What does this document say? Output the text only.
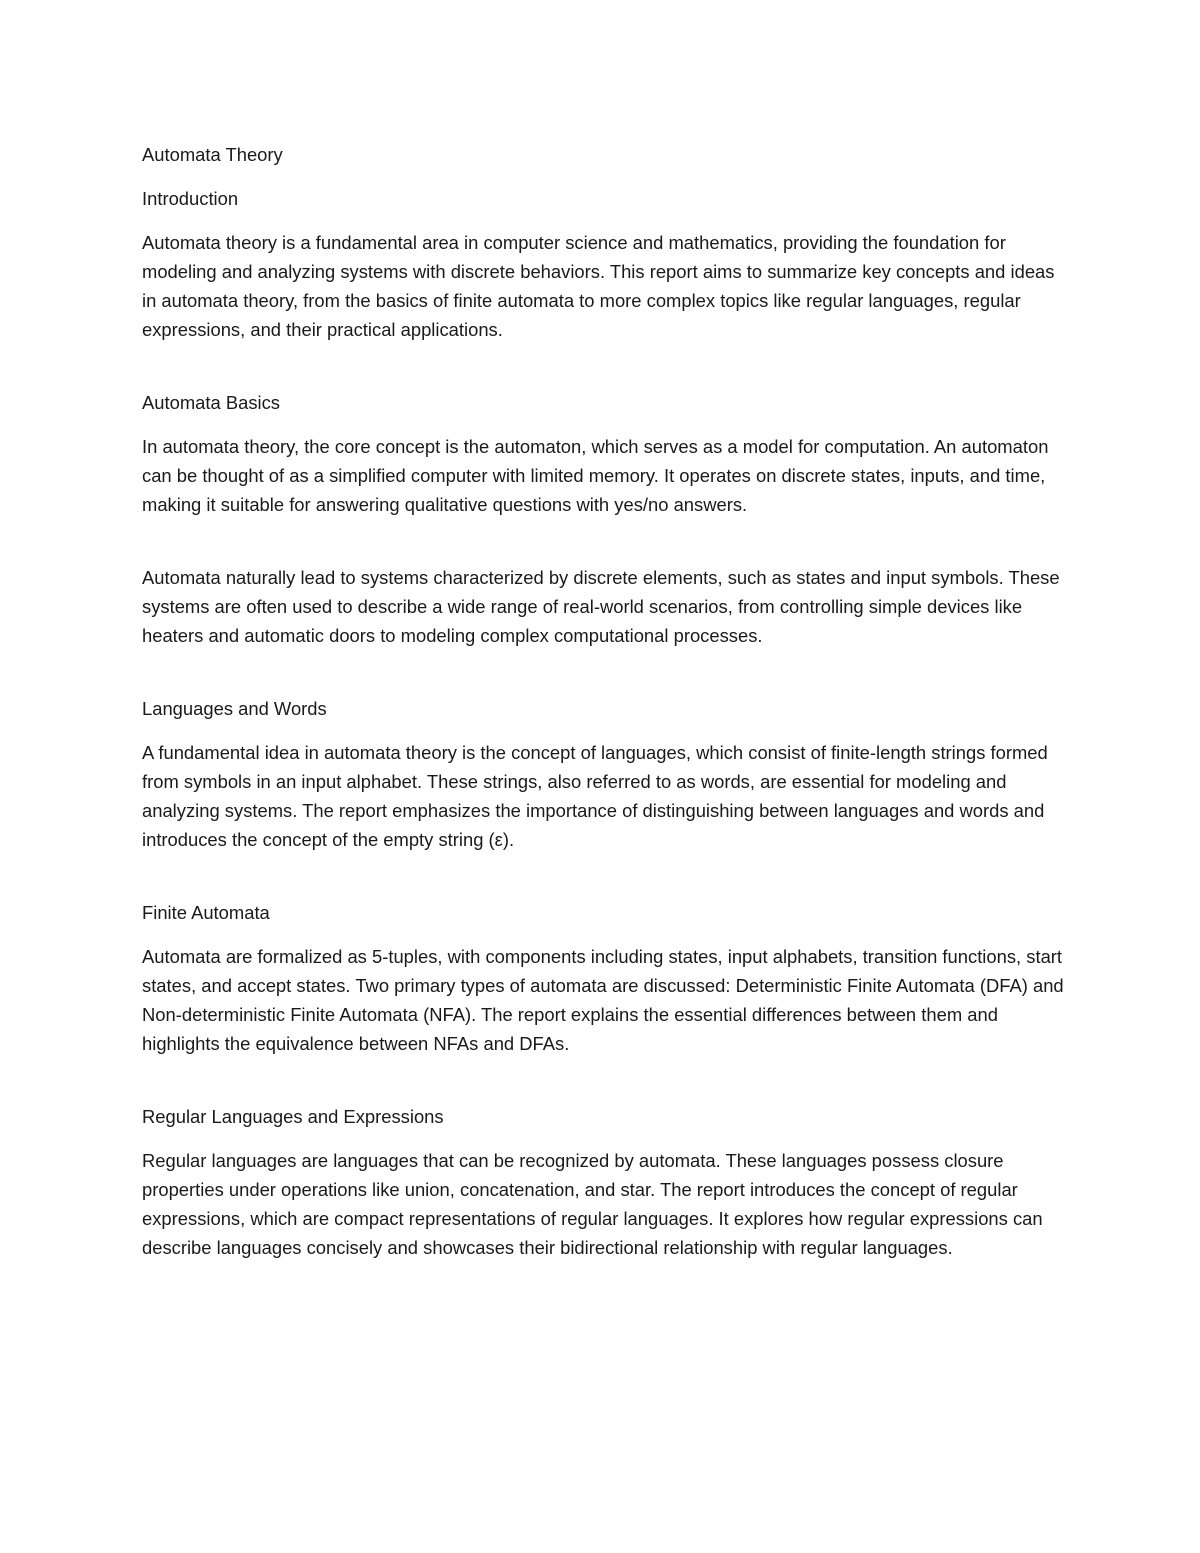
Automata Theory

Introduction

Automata theory is a fundamental area in computer science and mathematics, providing the foundation for modeling and analyzing systems with discrete behaviors. This report aims to summarize key concepts and ideas in automata theory, from the basics of finite automata to more complex topics like regular languages, regular expressions, and their practical applications.

Automata Basics

In automata theory, the core concept is the automaton, which serves as a model for computation. An automaton can be thought of as a simplified computer with limited memory. It operates on discrete states, inputs, and time, making it suitable for answering qualitative questions with yes/no answers.

Automata naturally lead to systems characterized by discrete elements, such as states and input symbols. These systems are often used to describe a wide range of real-world scenarios, from controlling simple devices like heaters and automatic doors to modeling complex computational processes.

Languages and Words

A fundamental idea in automata theory is the concept of languages, which consist of finite-length strings formed from symbols in an input alphabet. These strings, also referred to as words, are essential for modeling and analyzing systems. The report emphasizes the importance of distinguishing between languages and words and introduces the concept of the empty string (ε).

Finite Automata

Automata are formalized as 5-tuples, with components including states, input alphabets, transition functions, start states, and accept states. Two primary types of automata are discussed: Deterministic Finite Automata (DFA) and Non-deterministic Finite Automata (NFA). The report explains the essential differences between them and highlights the equivalence between NFAs and DFAs.

Regular Languages and Expressions

Regular languages are languages that can be recognized by automata. These languages possess closure properties under operations like union, concatenation, and star. The report introduces the concept of regular expressions, which are compact representations of regular languages. It explores how regular expressions can describe languages concisely and showcases their bidirectional relationship with regular languages.
